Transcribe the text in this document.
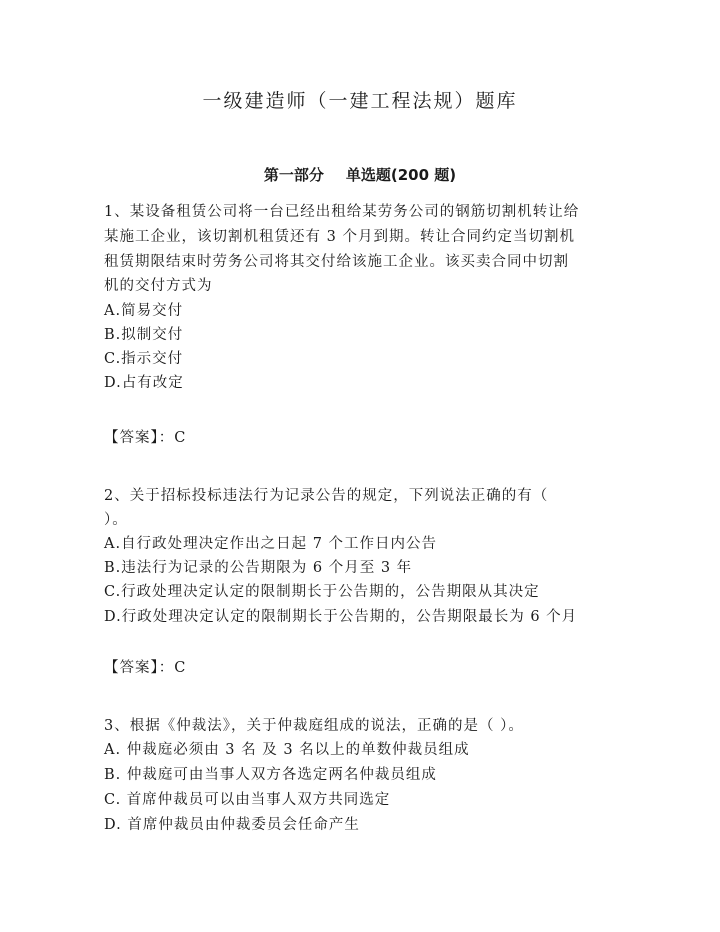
一级建造师（一建工程法规）题库
第一部分 单选题(200 题)
1、某设备租赁公司将一台已经出租给某劳务公司的钢筋切割机转让给
某施工企业，该切割机租赁还有 3 个月到期。转让合同约定当切割机
租赁期限结束时劳务公司将其交付给该施工企业。该买卖合同中切割
机的交付方式为
A.简易交付
B.拟制交付
C.指示交付
D.占有改定
【答案】：C
2、关于招标投标违法行为记录公告的规定，下列说法正确的有（
）。
A.自行政处理决定作出之日起 7 个工作日内公告
B.违法行为记录的公告期限为 6 个月至 3 年
C.行政处理决定认定的限制期长于公告期的，公告期限从其决定
D.行政处理决定认定的限制期长于公告期的，公告期限最长为 6 个月
【答案】：C
3、根据《仲裁法》，关于仲裁庭组成的说法，正确的是（ ）。
A. 仲裁庭必须由 3 名 及 3 名以上的单数仲裁员组成
B. 仲裁庭可由当事人双方各选定两名仲裁员组成
C. 首席仲裁员可以由当事人双方共同选定
D. 首席仲裁员由仲裁委员会任命产生
